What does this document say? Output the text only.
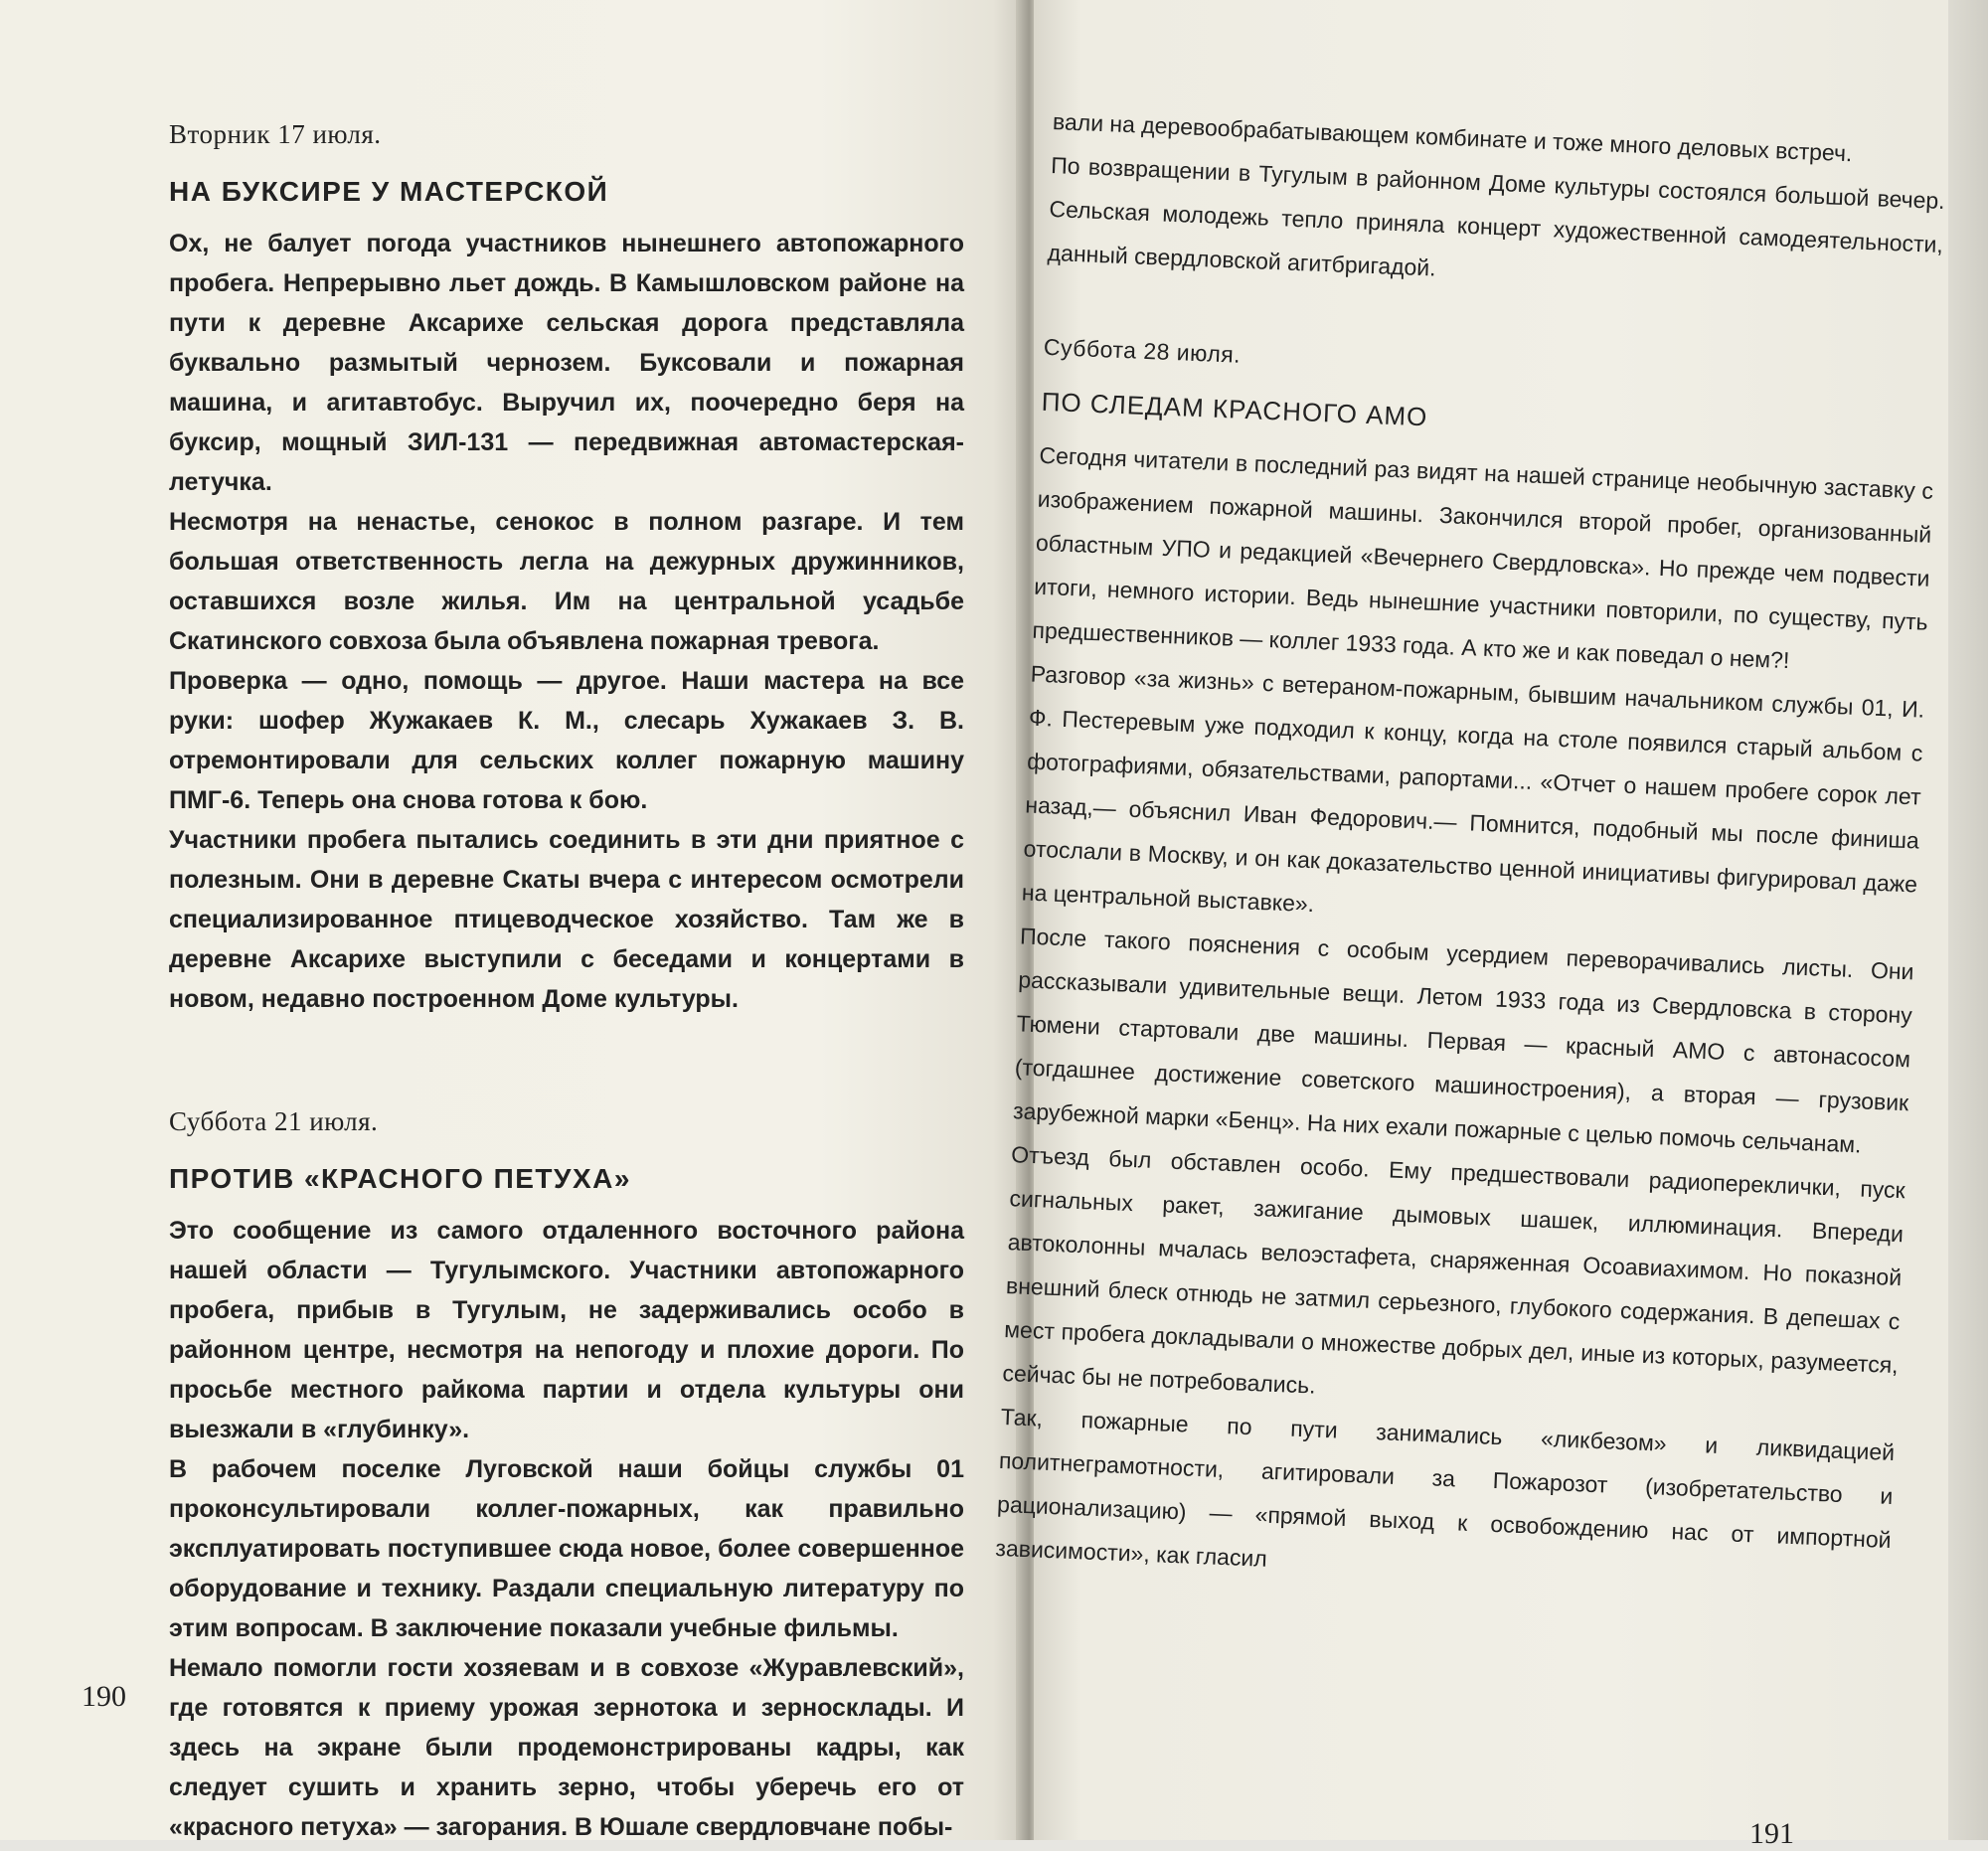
Вторник 17 июля.

НА БУКСИРЕ У МАСТЕРСКОЙ

Ох, не балует погода участников нынешнего автопожарного пробега. Непрерывно льет дождь. В Камышловском районе на пути к деревне Аксарихе сельская дорога представляла буквально размытый чернозем. Буксовали и пожарная машина, и агитавтобус. Выручил их, поочередно беря на буксир, мощный ЗИЛ-131 — передвижная автомастерская-летучка.

Несмотря на ненастье, сенокос в полном разгаре. И тем большая ответственность легла на дежурных дружинников, оставшихся возле жилья. Им на центральной усадьбе Скатинского совхоза была объявлена пожарная тревога.

Проверка — одно, помощь — другое. Наши мастера на все руки: шофер Жужакаев К. М., слесарь Хужакаев З. В. отремонтировали для сельских коллег пожарную машину ПМГ-6. Теперь она снова готова к бою.

Участники пробега пытались соединить в эти дни приятное с полезным. Они в деревне Скаты вчера с интересом осмотрели специализированное птицеводческое хозяйство. Там же в деревне Аксарихе выступили с беседами и концертами в новом, недавно построенном Доме культуры.

Суббота 21 июля.

ПРОТИВ «КРАСНОГО ПЕТУХА»

Это сообщение из самого отдаленного восточного района нашей области — Тугулымского. Участники автопожарного пробега, прибыв в Тугулым, не задерживались особо в районном центре, несмотря на непогоду и плохие дороги. По просьбе местного райкома партии и отдела культуры они выезжали в «глубинку».

В рабочем поселке Луговской наши бойцы службы 01 проконсультировали коллег-пожарных, как правильно эксплуатировать поступившее сюда новое, более совершенное оборудование и технику. Раздали специальную литературу по этим вопросам. В заключение показали учебные фильмы.

Немало помогли гости хозяевам и в совхозе «Журавлевский», где готовятся к приему урожая зернотока и зерносклады. И здесь на экране были продемонстрированы кадры, как следует сушить и хранить зерно, чтобы уберечь его от «красного петуха» — загорания. В Юшале свердловчане побы-

190

вали на деревообрабатывающем комбинате и тоже много деловых встреч.

По возвращении в Тугулым в районном Доме культуры состоялся большой вечер. Сельская молодежь тепло приняла концерт художественной самодеятельности, данный свердловской агитбригадой.

Суббота 28 июля.

ПО СЛЕДАМ КРАСНОГО АМО

Сегодня читатели в последний раз видят на нашей странице необычную заставку с изображением пожарной машины. Закончился второй пробег, организованный областным УПО и редакцией «Вечернего Свердловска». Но прежде чем подвести итоги, немного истории. Ведь нынешние участники повторили, по существу, путь предшественников — коллег 1933 года. А кто же и как поведал о нем?!

Разговор «за жизнь» с ветераном-пожарным, бывшим начальником службы 01, И. Ф. Пестеревым уже подходил к концу, когда на столе появился старый альбом с фотографиями, обязательствами, рапортами... «Отчет о нашем пробеге сорок лет назад,— объяснил Иван Федорович.— Помнится, подобный мы после финиша отослали в Москву, и он как доказательство ценной инициативы фигурировал даже на центральной выставке».

После такого пояснения с особым усердием переворачивались листы. Они рассказывали удивительные вещи. Летом 1933 года из Свердловска в сторону Тюмени стартовали две машины. Первая — красный АМО с автонасосом (тогдашнее достижение советского машиностроения), а вторая — грузовик зарубежной марки «Бенц». На них ехали пожарные с целью помочь сельчанам.

Отъезд был обставлен особо. Ему предшествовали радиопереклички, пуск сигнальных ракет, зажигание дымовых шашек, иллюминация. Впереди автоколонны мчалась велоэстафета, снаряженная Осоавиахимом. Но показной внешний блеск отнюдь не затмил серьезного, глубокого содержания. В депешах с мест пробега докладывали о множестве добрых дел, иные из которых, разумеется, сейчас бы не потребовались.

Так, пожарные по пути занимались «ликбезом» и ликвидацией политнеграмотности, агитировали за Пожарозот (изобретательство и рационализацию) — «прямой выход к освобождению нас от импортной зависимости», как гласил

191
